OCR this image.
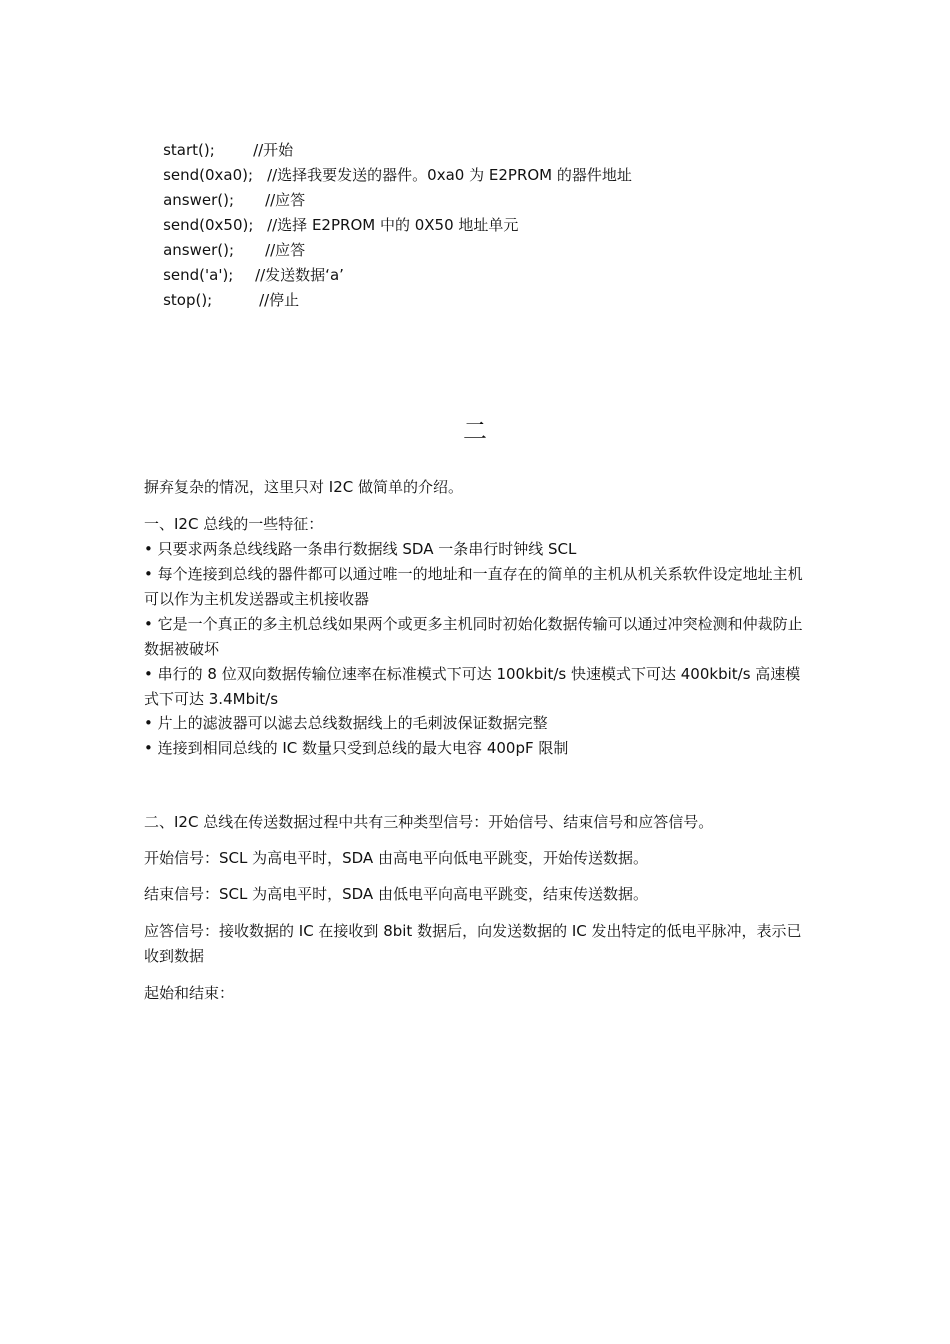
start();	//开始

send(0xa0); //选择我要发送的器件。0xa0 为 E2PROM 的器件地址

answer(); //应答

send(0x50); //选择 E2PROM 中的 0X50 地址单元

answer(); //应答

send('a'); //发送数据‘a’

stop();	//停止

二
摒弃复杂的情况，这里只对 I2C 做简单的介绍。
一、I2C 总线的一些特征：
• 只要求两条总线线路一条串行数据线 SDA 一条串行时钟线 SCL
• 每个连接到总线的器件都可以通过唯一的地址和一直存在的简单的主机从机关系软件设定地址主机可以作为主机发送器或主机接收器
• 它是一个真正的多主机总线如果两个或更多主机同时初始化数据传输可以通过冲突检测和仲裁防止数据被破坏
• 串行的 8 位双向数据传输位速率在标准模式下可达 100kbit/s 快速模式下可达 400kbit/s 高速模式下可达 3.4Mbit/s
• 片上的滤波器可以滤去总线数据线上的毛刺波保证数据完整
• 连接到相同总线的 IC 数量只受到总线的最大电容 400pF 限制
二、I2C 总线在传送数据过程中共有三种类型信号：开始信号、结束信号和应答信号。
开始信号：SCL 为高电平时，SDA 由高电平向低电平跳变，开始传送数据。
结束信号：SCL 为高电平时，SDA 由低电平向高电平跳变，结束传送数据。
应答信号：接收数据的 IC 在接收到 8bit 数据后，向发送数据的 IC 发出特定的低电平脉冲，表示已收到数据
起始和结束：
